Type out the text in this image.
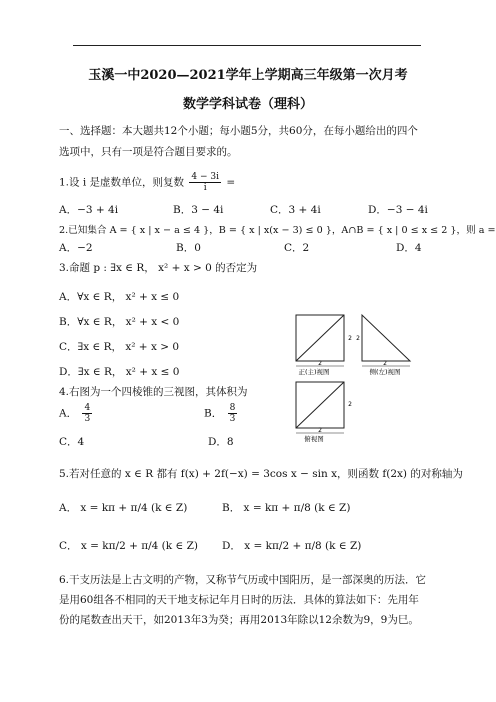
玉溪一中2020—2021学年上学期高三年级第一次月考
数学学科试卷（理科）
一、选择题：本大题共12个小题；每小题5分，共60分，在每小题给出的四个
选项中，只有一项是符合题目要求的。
1.设 i 是虚数单位，则复数 $\frac{4 - 3i}{i}$ =
A．−3 + 4i	B．3 − 4i	C．3 + 4i	D．−3 − 4i
2.已知集合 A = { x | x − a ≤ 4 }，B = { x | x(x − 3) ≤ 0 }，A∩B = { x | 0 ≤ x ≤ 2 }，则 a =
A．−2	B．0	C．2	D．4
3.命题 p : ∃x ∈ R， x² + x > 0 的否定为
A．∀x ∈ R， x² + x ≤ 0
B．∀x ∈ R， x² + x < 0
C．∃x ∈ R， x² + x > 0
D．∃x ∈ R， x² + x ≤ 0
4.右图为一个四棱锥的三视图，其体积为
A． $\frac{4}{3}$	B． $\frac{8}{3}$
C．4	D．8
2
2
正(主)视图
2
2
侧(左)视图
2
2
俯视图
5.若对任意的 x ∈ R 都有 f(x) + 2f(−x) = 3cos x − sin x，则函数 f(2x) 的对称轴为
A． x = kπ + π/4 (k ∈ Z)	B． x = kπ + π/8 (k ∈ Z)
C． x = kπ/2 + π/4 (k ∈ Z) D． x = kπ/2 + π/8 (k ∈ Z)
6.干支历法是上古文明的产物，又称节气历或中国阳历，是一部深奥的历法．它
是用60组各不相同的天干地支标记年月日时的历法．具体的算法如下：先用年
份的尾数查出天干，如2013年3为癸；再用2013年除以12余数为9，9为巳。
